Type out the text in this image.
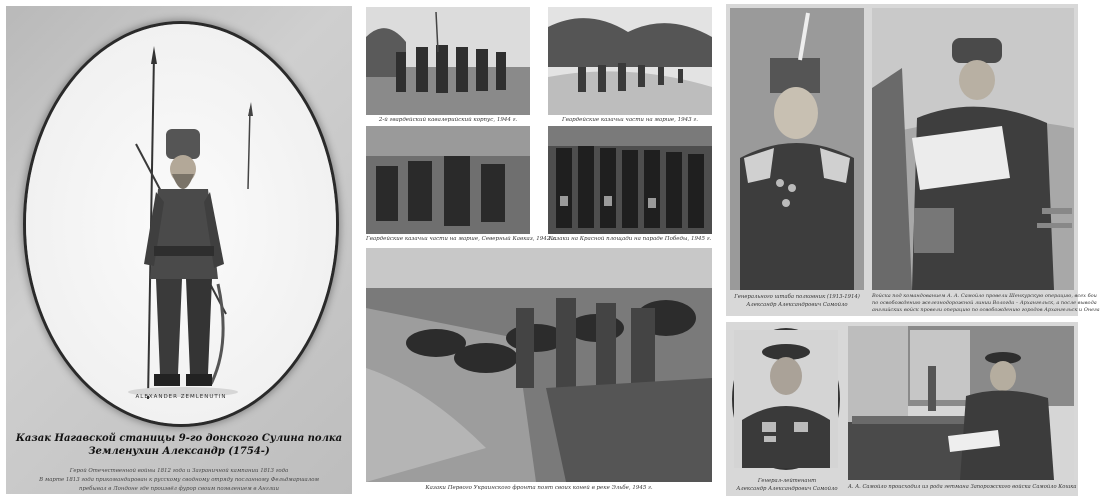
ALEXANDER ZEMLENUTIN
Казак Нагавской станицы 9-го донского Сулина полка
Земленухин Александр (1754-)
Герой Отечественной войны 1812 года и Заграничной кампании 1813 года
В марте 1813 года прикомандирован к русскому сводному отряду посланному Фельдмаршалом
пребывал в Лондоне где произвёл фурор своим появлением в Англии
2-й гвардейский кавалерийский корпус, 1944 г.	Гвардейские казачьи части на марше, 1943 г.
Гвардейские казачьи части на марше, Северный Кавказ, 1942 г.
Казаки на Красной площади на параде Победы, 1945 г.
Казаки Первого Украинского фронта поят своих коней в реке Эльбе, 1945 г.
Генерального штаба полковник (1913-1914)
Александр Александрович Самойло
Войска под командованием А. А. Самойло провели Шенкурскую операцию, всех бои
по освобождению железнодорожной линии Вологда – Архангельск, а после вывода
английских войск провели операцию по освобождению городов Архангельск и Онега
Генерал-лейтенант
Александр Александрович Самойло	А. А. Самойло происходил из рода гетмана Запорожского войска Самойло Кошка
